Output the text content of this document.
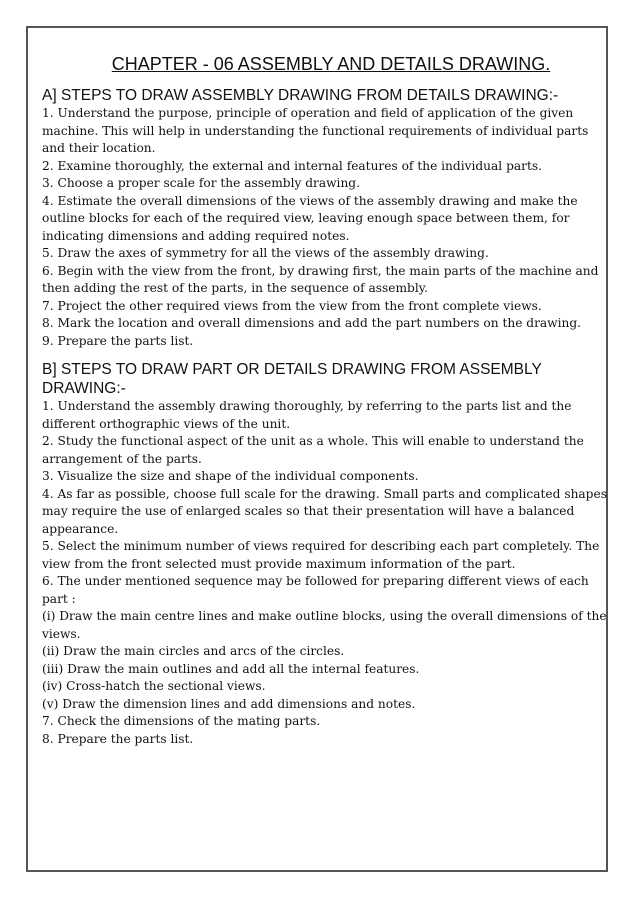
CHAPTER - 06 ASSEMBLY AND DETAILS DRAWING.
A] STEPS TO DRAW ASSEMBLY DRAWING FROM DETAILS DRAWING:-
1. Understand the purpose, principle of operation and field of application of the given machine. This will help in understanding the functional requirements of individual parts and their location.
2. Examine thoroughly, the external and internal features of the individual parts.
3. Choose a proper scale for the assembly drawing.
4. Estimate the overall dimensions of the views of the assembly drawing and make the outline blocks for each of the required view, leaving enough space between them, for indicating dimensions and adding required notes.
5. Draw the axes of symmetry for all the views of the assembly drawing.
6. Begin with the view from the front, by drawing first, the main parts of the machine and then adding the rest of the parts, in the sequence of assembly.
7. Project the other required views from the view from the front complete views.
8. Mark the location and overall dimensions and add the part numbers on the drawing.
9. Prepare the parts list.
B] STEPS TO DRAW PART OR DETAILS DRAWING FROM ASSEMBLY DRAWING:-
1. Understand the assembly drawing thoroughly, by referring to the parts list and the different orthographic views of the unit.
2. Study the functional aspect of the unit as a whole. This will enable to understand the arrangement of the parts.
3. Visualize the size and shape of the individual components.
4. As far as possible, choose full scale for the drawing. Small parts and complicated shapes may require the use of enlarged scales so that their presentation will have a balanced appearance.
5. Select the minimum number of views required for describing each part completely. The view from the front selected must provide maximum information of the part.
6. The under mentioned sequence may be followed for preparing different views of each part :
(i) Draw the main centre lines and make outline blocks, using the overall dimensions of the views.
(ii) Draw the main circles and arcs of the circles.
(iii) Draw the main outlines and add all the internal features.
(iv) Cross-hatch the sectional views.
(v) Draw the dimension lines and add dimensions and notes.
7. Check the dimensions of the mating parts.
8. Prepare the parts list.
